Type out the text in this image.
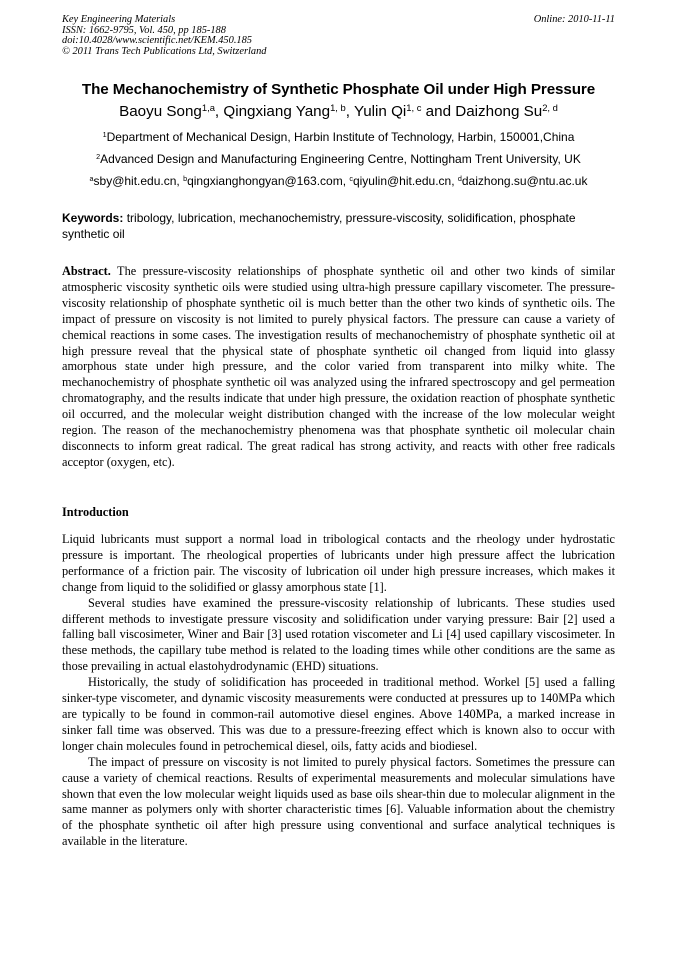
Key Engineering Materials
ISSN: 1662-9795, Vol. 450, pp 185-188
doi:10.4028/www.scientific.net/KEM.450.185
© 2011 Trans Tech Publications Ltd, Switzerland
Online: 2010-11-11
The Mechanochemistry of Synthetic Phosphate Oil under High Pressure
Baoyu Song$^{1,a}$, Qingxiang Yang$^{1, b}$, Yulin Qi$^{1, c}$ and Daizhong Su$^{2, d}$
$^1$Department of Mechanical Design, Harbin Institute of Technology, Harbin, 150001,China
$^2$Advanced Design and Manufacturing Engineering Centre, Nottingham Trent University, UK
$^a$sby@hit.edu.cn, $^b$qingxianghongyan@163.com, $^c$qiyulin@hit.edu.cn, $^d$daizhong.su@ntu.ac.uk
Keywords: tribology, lubrication, mechanochemistry, pressure-viscosity, solidification, phosphate synthetic oil
Abstract. The pressure-viscosity relationships of phosphate synthetic oil and other two kinds of similar atmospheric viscosity synthetic oils were studied using ultra-high pressure capillary viscometer. The pressure-viscosity relationship of phosphate synthetic oil is much better than the other two kinds of synthetic oils. The impact of pressure on viscosity is not limited to purely physical factors. The pressure can cause a variety of chemical reactions in some cases. The investigation results of mechanochemistry of phosphate synthetic oil at high pressure reveal that the physical state of phosphate synthetic oil changed from liquid into glassy amorphous state under high pressure, and the color varied from transparent into milky white. The mechanochemistry of phosphate synthetic oil was analyzed using the infrared spectroscopy and gel permeation chromatography, and the results indicate that under high pressure, the oxidation reaction of phosphate synthetic oil occurred, and the molecular weight distribution changed with the increase of the low molecular weight region. The reason of the mechanochemistry phenomena was that phosphate synthetic oil molecular chain disconnects to inform great radical. The great radical has strong activity, and reacts with other free radicals acceptor (oxygen, etc).
Introduction

Liquid lubricants must support a normal load in tribological contacts and the rheology under hydrostatic pressure is important. The rheological properties of lubricants under high pressure affect the lubrication performance of a friction pair. The viscosity of lubrication oil under high pressure increases, which makes it change from liquid to the solidified or glassy amorphous state [1].

Several studies have examined the pressure-viscosity relationship of lubricants. These studies used different methods to investigate pressure viscosity and solidification under varying pressure: Bair [2] used a falling ball viscosimeter, Winer and Bair [3] used rotation viscometer and Li [4] used capillary viscosimeter. In these methods, the capillary tube method is related to the loading times while other conditions are the same as those prevailing in actual elastohydrodynamic (EHD) situations.

Historically, the study of solidification has proceeded in traditional method. Workel [5] used a falling sinker-type viscometer, and dynamic viscosity measurements were conducted at pressures up to 140MPa which are typically to be found in common-rail automotive diesel engines. Above 140MPa, a marked increase in sinker fall time was observed. This was due to a pressure-freezing effect which is known also to occur with longer chain molecules found in petrochemical diesel, oils, fatty acids and biodiesel.

The impact of pressure on viscosity is not limited to purely physical factors. Sometimes the pressure can cause a variety of chemical reactions. Results of experimental measurements and molecular simulations have shown that even the low molecular weight liquids used as base oils shear-thin due to molecular alignment in the same manner as polymers only with shorter characteristic times [6]. Valuable information about the chemistry of the phosphate synthetic oil after high pressure using conventional and surface analytical techniques is available in the literature.
